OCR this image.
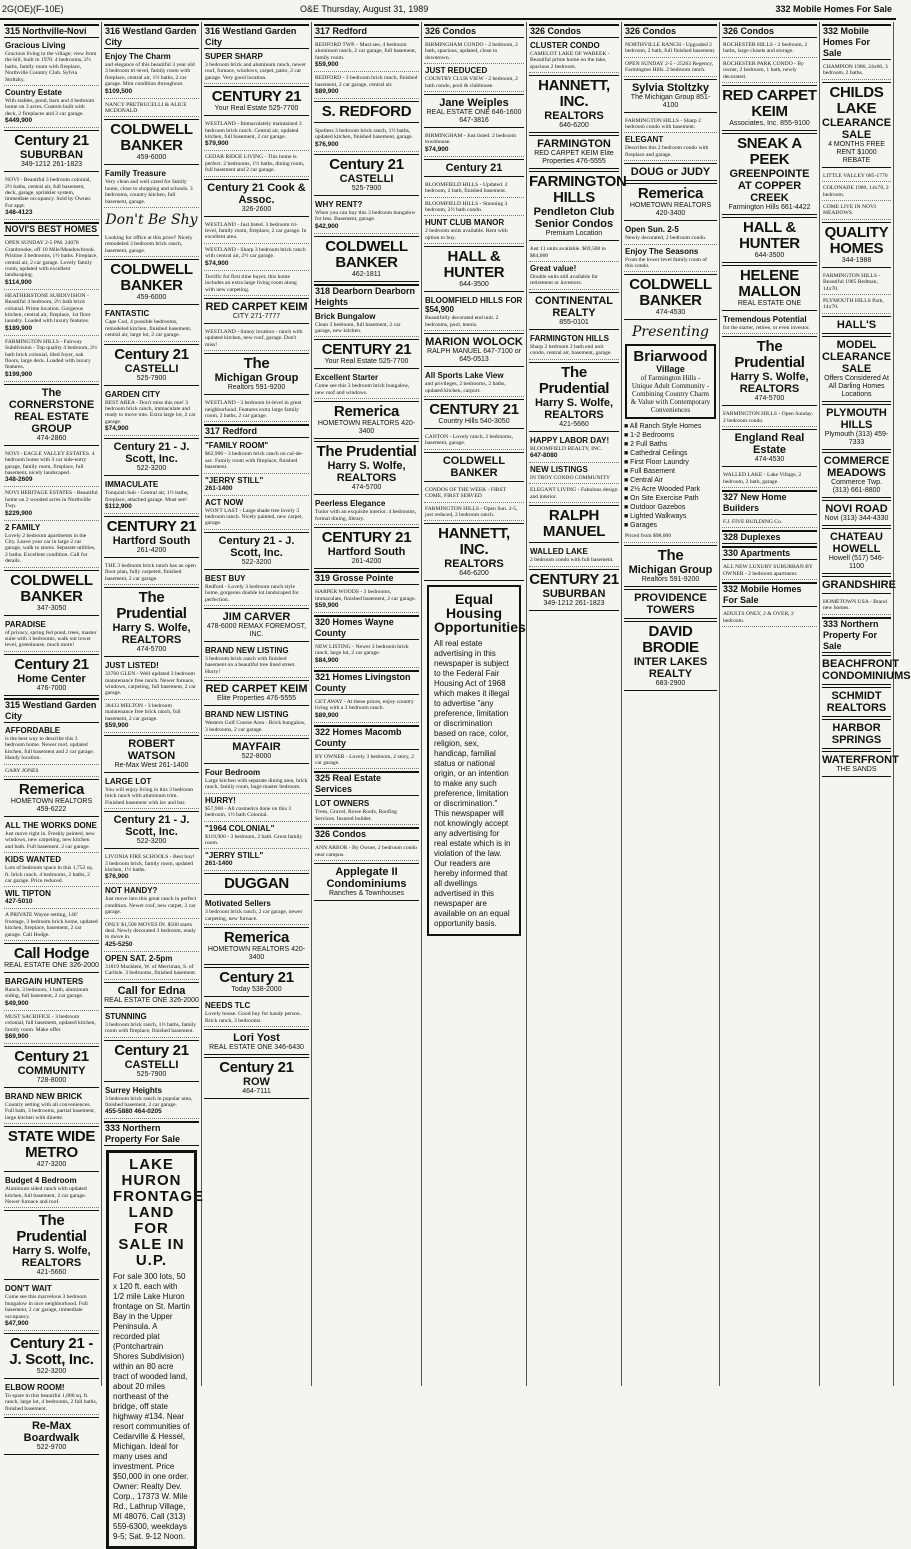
2G(OE)(F-10E)	O&E Thursday, August 31, 1989	332 Mobile Homes For Sale
315 Northville-Novi
Gracious Living
Gracious living in the village; view from the hill, built in 1970. 4 bedrooms, 2½ baths, family room with fireplace, Northville Country Club. Sylvia Stoltzky.
Country Estate
With stables, pond, barn and 4 bedroom home on 3 acres. Custom built with deck, 2 fireplaces and 3 car garage.
$449,900
Century 21
SUBURBAN
349-1212 261-1823
NOVI - Beautiful 3 bedroom colonial, 2½ baths, central air, full basement, deck, garage, sprinkler system, immediate occupancy. Sold by Owner. For appt.
348-4123
NOVI'S BEST HOMES
OPEN SUNDAY 2-5 PM. 24078 Cranbrooke, off 10 Mile/Meadowbrook. Pristine 3 bedrooms, 1½ baths. Fireplace, central air, 2 car garage. Lovely family room, updated with excellent landscaping.
$114,900
HEATHERSTONE SUBDIVISION - Beautiful 4 bedroom, 2½ bath brick colonial. Prime location. Gorgeous kitchen, central air, fireplace, 1st floor laundry. Loaded with luxury features.
$189,900
FARMINGTON HILLS - Fairway Subdivision - Top quality 4 bedroom, 2½ bath brick colonial, tiled foyer, oak floors, large deck. Loaded with luxury features.
$199,900
The CORNERSTONE REAL ESTATE GROUP
474-2860
NOVI - EAGLE VALLEY ESTATES. 4 bedroom home with 3 car side-entry garage, family room, fireplace, full basement, nicely landscaped.
348-2609
NOVI HERITAGE ESTATES - Beautiful home on 2 wooded acres in Northville Twp.
$229,900
2 FAMILY
Lovely 2 bedroom apartments in the City. Leave your car in large 2 car garage, walk to stores. Separate utilities, 2 baths. Excellent condition. Call for details.
COLDWELL BANKER
347-3050
PARADISE
of privacy, spring fed pond, trees, master suite with 3 bedrooms, walk out lower level, greenhouse, much more!
Century 21
Home Center
476-7000
315 Westland Garden City
AFFORDABLE
is the best way to describe this 3 bedroom home. Newer roof, updated kitchen, full basement and 2 car garage. Handy location.
GARY JONES
Remerica
HOMETOWN REALTORS 459-6222
ALL THE WORKS DONE
Just move right in. Freshly painted, new windows, new carpeting, new kitchen and bath. Full basement. 2 car garage.
KIDS WANTED
Lots of bedroom space in this 1,752 sq. ft. brick ranch. 4 bedrooms, 2 baths, 2 car garage. Price reduced.
WIL TIPTON
427-5010
A PRIVATE Wayne setting, 140' frontage, 3 bedroom brick home, updated kitchen, fireplace, basement, 2 car garage. Call Hodge.
Call Hodge
REAL ESTATE ONE 326-2000
BARGAIN HUNTERS
Ranch, 3 bedroom, 1 bath, aluminum siding, full basement, 2 car garage.
$49,900
MUST SACRIFICE - 3 bedroom colonial, full basement, updated kitchen, family room. Make offer.
$69,900
Century 21
COMMUNITY
728-8000
BRAND NEW BRICK
Country setting with all conveniences. Full bath, 3 bedrooms, partial basement, large kitchen with dinette.
STATE WIDE METRO
427-3200
Budget 4 Bedroom
Aluminum sided ranch with updated kitchen, full basement, 2 car garage. Newer furnace and roof.
The Prudential
Harry S. Wolfe, REALTORS
421-5660
DON'T WAIT
Come see this marvelous 3 bedroom bungalow in nice neighborhood. Full basement, 2 car garage, immediate occupancy.
$47,900
Century 21 - J. Scott, Inc.
522-3200
ELBOW ROOM!
To spare in this beautiful 1,800 sq. ft. ranch, large lot, 4 bedrooms, 2 full baths, finished basement.
Re-Max Boardwalk
522-9700
316 Westland Garden City
Enjoy The Charm
and elegance of this beautiful 3 year old 3 bedroom tri-level, family room with fireplace, central air, 1½ baths, 2 car garage. Mint condition throughout.
$109,500
NANCY PRETRUCELLI & ALICE MCDONALD
COLDWELL BANKER
459-6000
Family Treasure
Very clean and well cared for family home, close to shopping and schools. 3 bedrooms, country kitchen, full basement, garage.
Don't Be Shy
Looking for office at this price? Nicely remodeled 3 bedroom brick ranch, basement, garage.
COLDWELL BANKER
459-6000
FANTASTIC
Cape Cod, 4 possible bedrooms, remodeled kitchen, finished basement, central air, large lot, 2 car garage.
Century 21
CASTELLI
525-7900
GARDEN CITY
BEST AREA - Don't miss this one! 3 bedroom brick ranch, immaculate and ready to move into. Extra large lot, 2 car garage.
$74,900
Century 21 - J. Scott, Inc.
522-3200
IMMACULATE
Tonquish Sub - Central air, 1½ baths, fireplace, attached garage. Must see!
$112,900
CENTURY 21
Hartford South
261-4200
THE 3 bedroom brick ranch has an open floor plan, fully carpeted, finished basement, 2 car garage.
The Prudential
Harry S. Wolfe, REALTORS
474-5700
JUST LISTED!
33760 GLEN - Well updated 3 bedroom maintenance free ranch. Newer furnace, windows, carpeting, full basement, 2 car garage.
38433 MELTON - 3 bedroom maintenance free brick ranch, full basement, 2 car garage.
$59,900
ROBERT WATSON
Re-Max West 261-1400
LARGE LOT
You will enjoy living in this 3 bedroom brick ranch with aluminum trim. Finished basement with lav and bar.
Century 21 - J. Scott, Inc.
522-3200
LIVONIA FIRE SCHOOLS - Best buy! 3 bedroom brick, family room, updated kitchen, 1½ baths.
$76,900
NOT HANDY?
Just move into this great ranch in perfect condition. Newer roof, new carpet, 2 car garage.
ONLY $1,500 MOVES IN. $500 starts deal. Newly decorated 3 bedroom, ready to move in.
425-5250
OPEN SAT. 2-5pm
31819 Macklem, W. of Merriman, S. of Carlisle. 3 bedrooms, finished basement.
Call for Edna
REAL ESTATE ONE 326-2000
STUNNING
3 bedroom brick ranch, 1½ baths, family room with fireplace, finished basement.
Century 21
CASTELLI
525-7900
Surrey Heights
3 bedroom brick ranch in popular area, finished basement, 2 car garage.
455-5880 464-0205
333 Northern Property For Sale
LAKE HURON FRONTAGE LAND FOR SALE IN U.P.
For sale 300 lots, 50 x 120 ft. each with 1/2 mile Lake Huron frontage on St. Martin Bay in the Upper Peninsula. A recorded plat (Pontchartrain Shores Subdivision) within an 80 acre tract of wooded land, about 20 miles northeast of the bridge, off state highway #134. Near resort communities of Cedarville & Hessel, Michigan. Ideal for many uses and investment. Price $50,000 in one order. Owner: Realty Dev. Corp., 17373 W. Mile Rd., Lathrup Village, MI 48076. Call (313) 559-6300, weekdays 9-5; Sat. 9-12 Noon.
316 Westland Garden City
SUPER SHARP
3 bedroom brick and aluminum ranch, newer roof, furnace, windows, carpet, patio, 2 car garage. Very good location.
CENTURY 21
Your Real Estate 525-7700
WESTLAND - Immaculately maintained 3 bedroom brick ranch. Central air, updated kitchen, full basement, 2 car garage.
$79,900
CEDAR RIDGE LIVING - This home is perfect. 2 bedrooms, 1½ baths, dining room, full basement and 2 car garage.
Century 21 Cook & Assoc.
326-2600
WESTLAND - Just listed. 3 bedroom tri-level, family room, fireplace, 2 car garage. In excellent area.
WESTLAND - Sharp 3 bedroom brick ranch with central air, 2½ car garage.
$74,900
Terrific for first time buyer, this home includes an extra large living room along with new carpeting.
RED CARPET KEIM
CITY 271-7777
WESTLAND - Sunny location - ranch with updated kitchen, new roof, garage. Don't miss!
The
Michigan Group
Realtors 591-9200
WESTLAND - 3 bedroom bi-level in great neighborhood. Features extra large family room, 2 baths, 2 car garage.
317 Redford
"FAMILY ROOM"
$62,900 - 3 bedroom brick ranch on cul-de-sac. Family room with fireplace, finished basement.
"JERRY STILL"
261-1400
ACT NOW
WON'T LAST - Large shade tree lovely 3 bedroom ranch. Nicely painted, new carpet, garage.
Century 21 - J. Scott, Inc.
522-3200
BEST BUY
Redford - Lovely 3 bedroom ranch style home, gorgeous double lot landscaped for perfection.
JIM CARVER
478-6000 REMAX FOREMOST, INC.
BRAND NEW LISTING
3 bedroom brick ranch with finished basement on a beautiful tree lined street. Hurry!
RED CARPET KEIM
Elite Properties 476-5555
BRAND NEW LISTING
Western Golf Course Area - Brick bungalow, 3 bedrooms, 2 car garage.
MAYFAIR
522-8000
Four Bedroom
Large kitchen with separate dining area, brick ranch, family room, huge master bedroom.
HURRY!
$57,900 - All cosmetics done on this 3 bedroom, 1½ bath Colonial.
"1964 COLONIAL"
$119,900 - 3 bedroom, 2 bath. Great family room.
"JERRY STILL"
261-1400
DUGGAN
Motivated Sellers
3 bedroom brick ranch, 2 car garage, newer carpeting, new furnace.
Remerica
HOMETOWN REALTORS 420-3400
Century 21
Today 538-2000
NEEDS TLC
Lovely house. Good buy for handy person. Brick ranch, 3 bedrooms.
Lori Yost
REAL ESTATE ONE 346-6430
Century 21
ROW
464-7111
317 Redford
REDFORD TWP. - Must see, 4 bedroom aluminum ranch, 2 car garage, full basement, family room.
$59,900
REDFORD - 3 bedroom brick ranch, finished basement, 2 car garage, central air.
$89,900
S. REDFORD
Spotless 3 bedroom brick ranch, 1½ baths, updated kitchen, finished basement, garage.
$76,900
Century 21
CASTELLI
525-7900
WHY RENT?
When you can buy this 3 bedroom bungalow for less. Basement, garage.
$42,900
COLDWELL BANKER
462-1811
318 Dearborn Dearborn Heights
Brick Bungalow
Clean 3 bedroom, full basement, 2 car garage, new kitchen.
CENTURY 21
Your Real Estate 525-7700
Excellent Starter
Come see this 3 bedroom brick bungalow, new roof and windows.
Remerica
HOMETOWN REALTORS 420-3400
The Prudential
Harry S. Wolfe, REALTORS
474-5700
Peerless Elegance
Tudor with an exquisite interior. 4 bedrooms, formal dining, library.
CENTURY 21
Hartford South
261-4200
319 Grosse Pointe
HARPER WOODS - 3 bedrooms, immaculate, finished basement, 2 car garage.
$59,900
320 Homes Wayne County
NEW LISTING - Newer 3 bedroom brick ranch, large lot, 2 car garage.
$84,900
321 Homes Livingston County
GET AWAY - At these prices, enjoy country living with a 3 bedroom ranch.
$89,900
322 Homes Macomb County
BY OWNER - Lovely 3 bedroom, 2 story, 2 car garage.
325 Real Estate Services
LOT OWNERS
Trees, Gravel, Rowe Roofs, Roofing Services. Insured builder.
326 Condos
ANN ARBOR - By Owner, 2 bedroom condo near campus.
Applegate II Condominiums
Ranches & Townhouses
326 Condos
BIRMINGHAM CONDO - 2 bedroom, 2 bath, spacious, updated, close to downtown.
JUST REDUCED
COUNTRY CLUB VIEW - 2 bedroom, 2 bath condo, pool & clubhouse.
Jane Weiples
REAL ESTATE ONE 646-1600 647-3816
BIRMINGHAM - Just listed. 2 bedroom townhouse.
$74,900
Century 21
BLOOMFIELD HILLS - Updated. 2 bedroom, 2 bath, finished basement.
BLOOMFIELD HILLS - Stunning 3 bedroom, 2½ bath condo.
HUNT CLUB MANOR
2 bedroom units available. Rent with option to buy.
HALL & HUNTER
644-3500
BLOOMFIELD HILLS FOR $54,900
Beautifully decorated end unit. 2 bedrooms, pool, tennis.
MARION WOLOCK
RALPH MANUEL 647-7100 or 645-0513
All Sports Lake View
and privileges, 2 bedrooms, 2 baths, updated kitchen, carport.
CENTURY 21
Country Hills 540-3050
CANTON - Lovely ranch, 2 bedrooms, basement, garage.
COLDWELL BANKER
CONDOS OF THE WEEK - FIRST COME, FIRST SERVED
FARMINGTON HILLS - Open Sun. 2-5, just reduced, 2 bedroom ranch.
HANNETT, INC.
REALTORS
646-6200
Equal Housing
Opportunities
All real estate advertising in this newspaper is subject to the Federal Fair Housing Act of 1968 which makes it illegal to advertise "any preference, limitation or discrimination based on race, color, religion, sex, handicap, familial status or national origin, or an intention to make any such preference, limitation or discrimination." This newspaper will not knowingly accept any advertising for real estate which is in violation of the law. Our readers are hereby informed that all dwellings advertised in this newspaper are available on an equal opportunity basis.
326 Condos
CLUSTER CONDO
CAMELOT LAKE OF WABEEK - Beautiful prime home on the lake, spacious 2 bedroom.
HANNETT, INC.
REALTORS
646-6200
FARMINGTON
RED CARPET KEIM Elite Properties 476-5555
FARMINGTON HILLS
Pendleton Club Senior Condos
Premium Location
Just 11 units available. $69,500 to $84,000
Great value!
Double units still available for retirement or investors.
CONTINENTAL REALTY
855-0101
FARMINGTON HILLS
Sharp 2 bedroom 2 bath end unit condo, central air, basement, garage.
The Prudential
Harry S. Wolfe, REALTORS
421-5660
HAPPY LABOR DAY!
BLOOMFIELD REALTY, INC.
647-8080
NEW LISTINGS
IN TROY CONDO COMMUNITY
ELEGANT LIVING - Fabulous design and interior.
RALPH MANUEL
WALLED LAKE
2 bedroom condo with full basement.
CENTURY 21
SUBURBAN
349-1212 261-1823
326 Condos
NORTHVILLE RANCH - Upgraded 2 bedroom, 2 bath, full finished basement.
OPEN SUNDAY 2-5 - 25263 Regency, Farmington Hills. 2 bedroom ranch.
Sylvia Stoltzky
The Michigan Group 851-4100
FARMINGTON HILLS - Sharp 2 bedroom condo with basement.
ELEGANT
Describes this 2 bedroom condo with fireplace and garage.
DOUG or JUDY
Remerica
HOMETOWN REALTORS 420-3400
Open Sun. 2-5
Newly decorated, 2 bedroom condo.
Enjoy The Seasons
From the lower level family room of this condo.
COLDWELL BANKER
474-4530
Presenting
Briarwood
Village
of Farmington Hills - Unique Adult Community - Combining Country Charm & Value with Contemporary Conveniences
■ All Ranch Style Homes
■ 1-2 Bedrooms
■ 2 Full Baths
■ Cathedral Ceilings
■ First Floor Laundry
■ Full Basement
■ Central Air
■ 2½ Acre Wooded Park
■ On Site Exercise Path
■ Outdoor Gazebos
■ Lighted Walkways
■ Garages
Priced from $98,000
The
Michigan Group
Realtors 591-9200
PROVIDENCE TOWERS
DAVID BRODIE
INTER LAKES REALTY
683-2900
326 Condos
ROCHESTER HILLS - 2 bedroom, 2 baths, large closets and storage.
ROCHESTER PARK CONDO - By owner, 2 bedroom, 1 bath, newly decorated.
RED CARPET KEIM
Associates, Inc. 855-9100
SNEAK A PEEK
GREENPOINTE AT COPPER CREEK
Farmington Hills 661-4422
HALL & HUNTER
644-3500
HELENE MALLON
REAL ESTATE ONE
Tremendous Potential
for the starter, retiree, or even investor.
The Prudential
Harry S. Wolfe, REALTORS
474-5700
FARMINGTON HILLS - Open Sunday. 2 bedroom condo.
England Real Estate
474-4530
WALLED LAKE - Lake Village, 2 bedroom, 2 bath, garage.
327 New Home Builders
F.J. FIVE BUILDING Co.
328 Duplexes
330 Apartments
ALL NEW LUXURY SUBURBAN BY OWNER - 2 bedroom apartment.
332 Mobile Homes For Sale
ADULTS ONLY, 2 & OVER, 2 bedroom.
332 Mobile Homes For Sale
CHAMPION 1986, 24x60, 3 bedroom, 2 baths.
CHILDS LAKE
CLEARANCE SALE
4 MONTHS FREE RENT $1000 REBATE
LITTLE VALLEY 685-1770
COLONADE 1980, 14x70, 2 bedroom.
COME LIVE IN NOVI MEADOWS.
QUALITY HOMES
344-1988
FARMINGTON HILLS - Beautiful 1985 Redman, 14x70.
PLYMOUTH HILLS Park, 14x70.
HALL'S
MODEL CLEARANCE SALE
Offers Considered At All Darling Homes Locations
PLYMOUTH HILLS
Plymouth (313) 459-7333
COMMERCE MEADOWS
Commerce Twp. (313) 661-8800
NOVI ROAD
Novi (313) 344-4330
CHATEAU HOWELL
Howell (517) 546-1100
GRANDSHIRE
HOMETOWN USA - Brand new homes.
333 Northern Property For Sale
BEACHFRONT CONDOMINIUMS
SCHMIDT REALTORS
HARBOR SPRINGS
WATERFRONT
THE SANDS
